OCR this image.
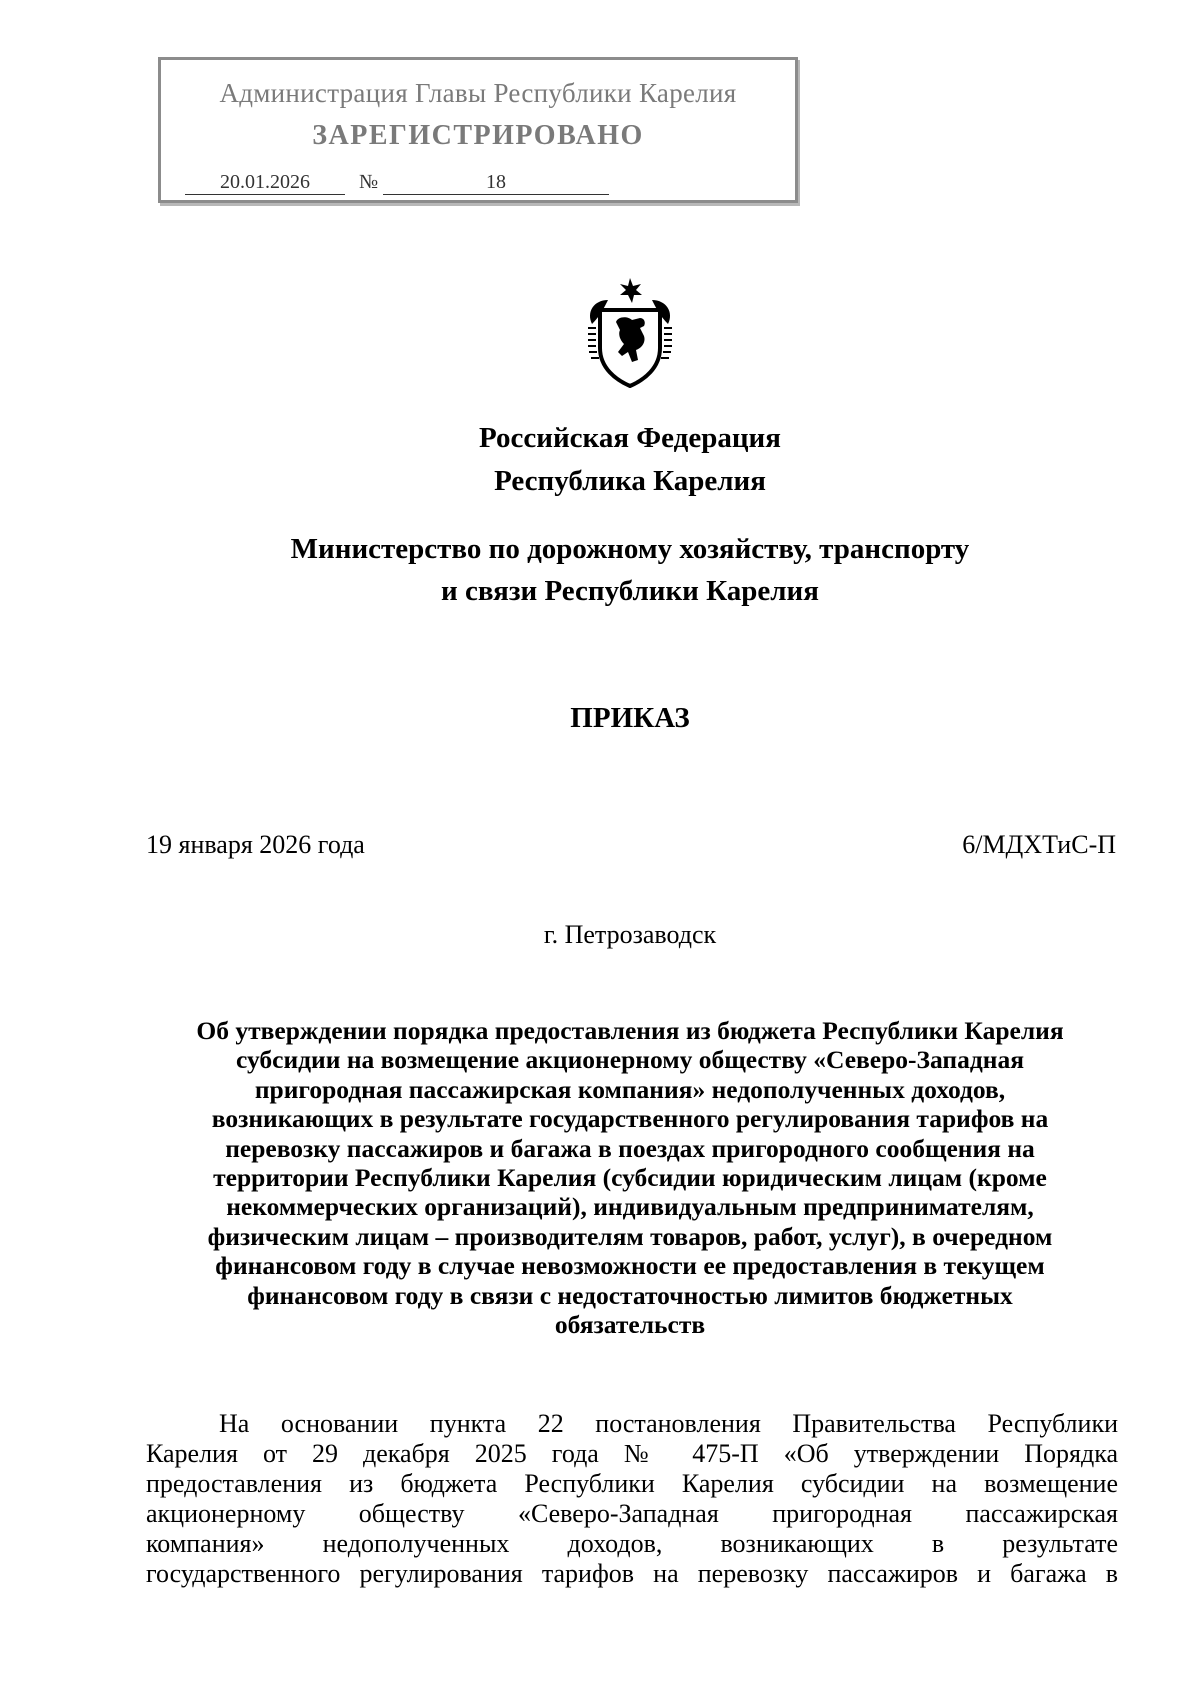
Администрация Главы Республики Карелия
ЗАРЕГИСТРИРОВАНО
20.01.2026	№	18
Российская Федерация
Республика Карелия
Министерство по дорожному хозяйству, транспорту
и связи Республики Карелия
ПРИКАЗ
19 января 2026 года	6/МДХТиС-П
г. Петрозаводск
Об утверждении порядка предоставления из бюджета Республики Карелия
субсидии на возмещение акционерному обществу «Северо-Западная
пригородная пассажирская компания» недополученных доходов,
возникающих в результате государственного регулирования тарифов на
перевозку пассажиров и багажа в поездах пригородного сообщения на
территории Республики Карелия (субсидии юридическим лицам (кроме
некоммерческих организаций), индивидуальным предпринимателям,
физическим лицам – производителям товаров, работ, услуг), в очередном
финансовом году в случае невозможности ее предоставления в текущем
финансовом году в связи с недостаточностью лимитов бюджетных
обязательств
На основании пункта 22 постановления Правительства Республики
Карелия от 29 декабря 2025 года № 475-П «Об утверждении Порядка
предоставления из бюджета Республики Карелия субсидии на возмещение
акционерному обществу «Северо-Западная пригородная пассажирская
компания» недополученных доходов, возникающих в результате
государственного регулирования тарифов на перевозку пассажиров и багажа в
